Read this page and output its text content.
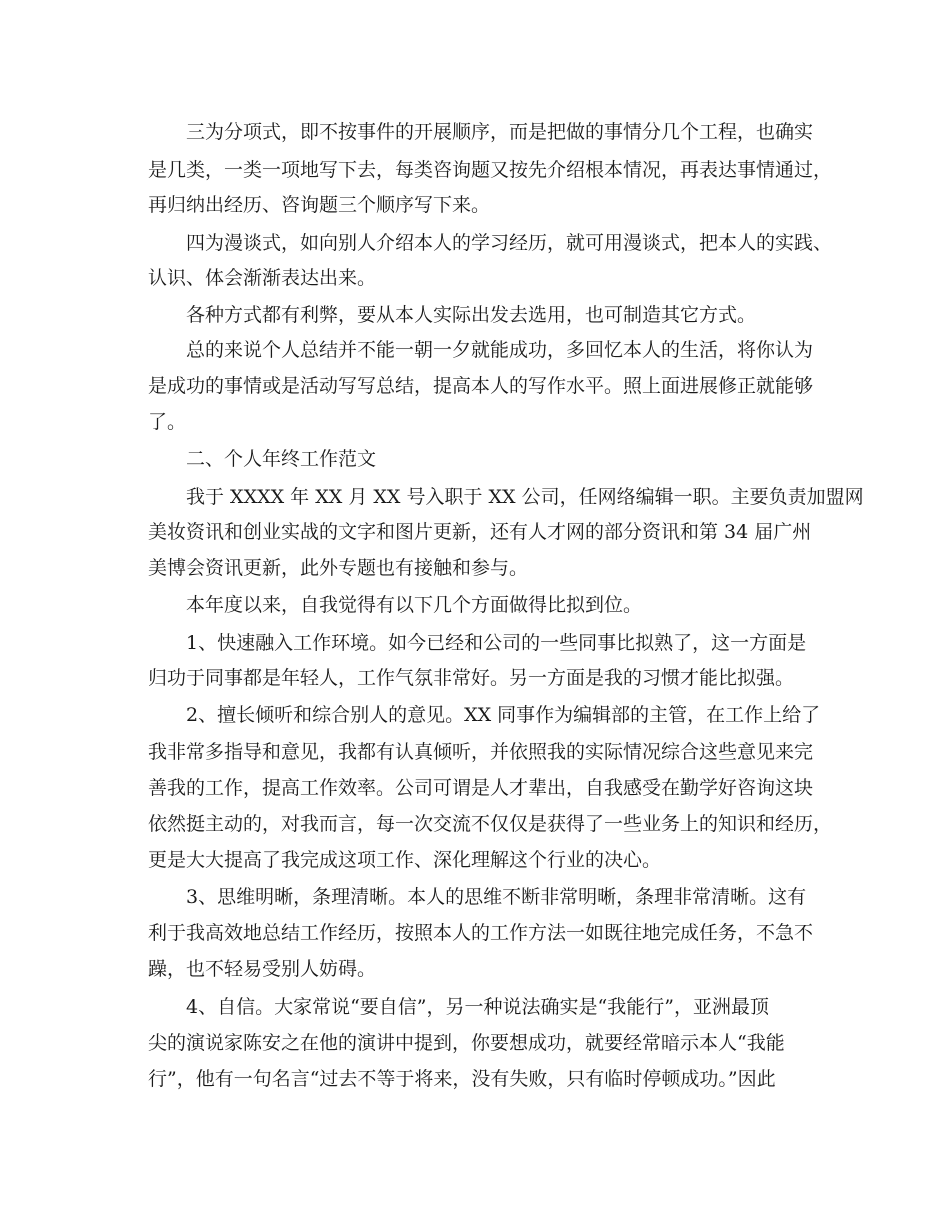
三为分项式，即不按事件的开展顺序，而是把做的事情分几个工程，也确实
是几类，一类一项地写下去，每类咨询题又按先介绍根本情况，再表达事情通过，
再归纳出经历、咨询题三个顺序写下来。
四为漫谈式，如向别人介绍本人的学习经历，就可用漫谈式，把本人的实践、
认识、体会渐渐表达出来。
各种方式都有利弊，要从本人实际出发去选用，也可制造其它方式。
总的来说个人总结并不能一朝一夕就能成功，多回忆本人的生活，将你认为
是成功的事情或是活动写写总结，提高本人的写作水平。照上面进展修正就能够
了。
二、个人年终工作范文
我于 XXXX 年 XX 月 XX 号入职于 XX 公司，任网络编辑一职。主要负责加盟网
美妆资讯和创业实战的文字和图片更新，还有人才网的部分资讯和第 34 届广州
美博会资讯更新，此外专题也有接触和参与。
本年度以来，自我觉得有以下几个方面做得比拟到位。
1、快速融入工作环境。如今已经和公司的一些同事比拟熟了，这一方面是
归功于同事都是年轻人，工作气氛非常好。另一方面是我的习惯才能比拟强。
2、擅长倾听和综合别人的意见。XX 同事作为编辑部的主管，在工作上给了
我非常多指导和意见，我都有认真倾听，并依照我的实际情况综合这些意见来完
善我的工作，提高工作效率。公司可谓是人才辈出，自我感受在勤学好咨询这块
依然挺主动的，对我而言，每一次交流不仅仅是获得了一些业务上的知识和经历，
更是大大提高了我完成这项工作、深化理解这个行业的决心。
3、思维明晰，条理清晰。本人的思维不断非常明晰，条理非常清晰。这有
利于我高效地总结工作经历，按照本人的工作方法一如既往地完成任务，不急不
躁，也不轻易受别人妨碍。
4、自信。大家常说“要自信”，另一种说法确实是“我能行”，亚洲最顶
尖的演说家陈安之在他的演讲中提到，你要想成功，就要经常暗示本人“我能
行”，他有一句名言“过去不等于将来，没有失败，只有临时停顿成功。”因此
